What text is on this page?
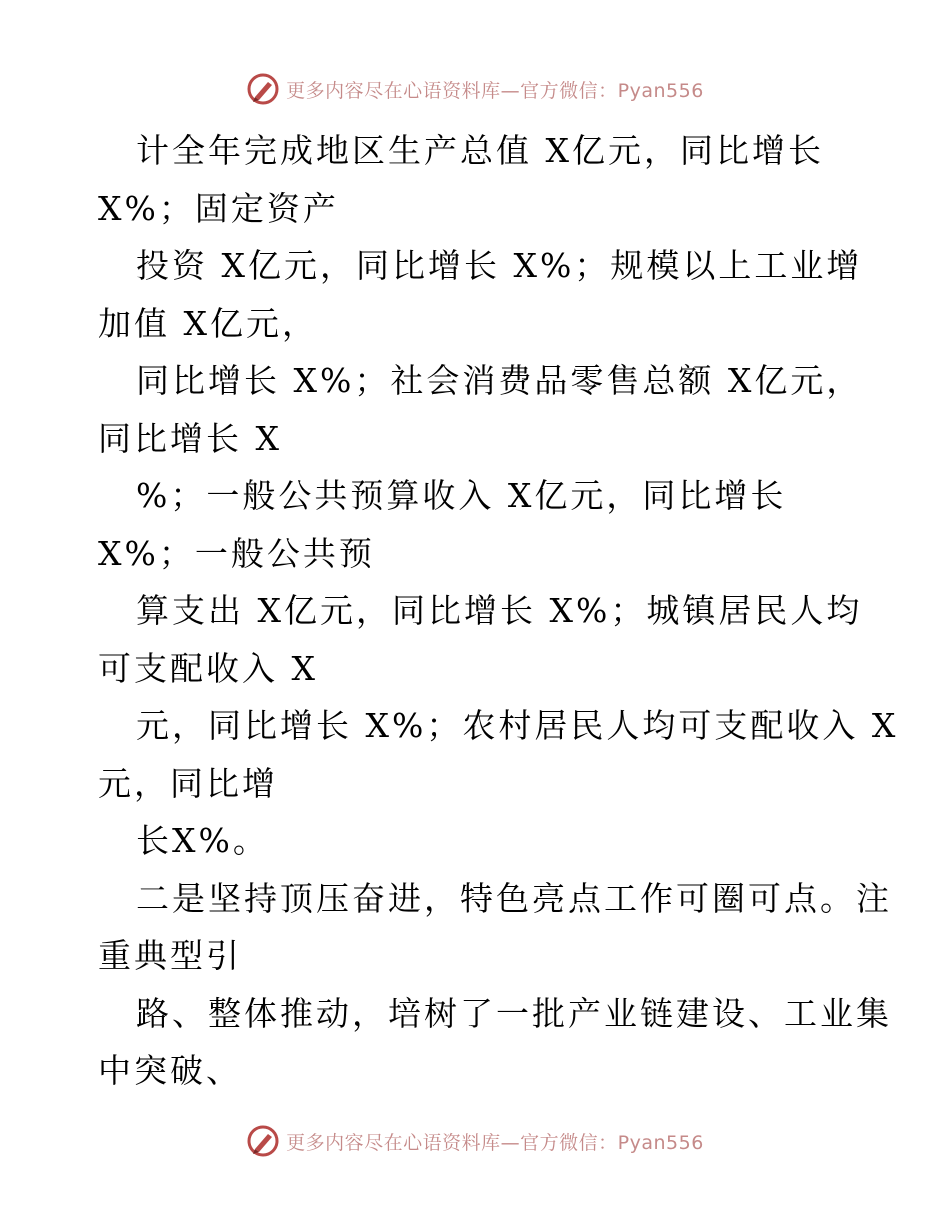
更多内容尽在心语资料库—官方微信：Pyan556
计全年完成地区生产总值 X亿元，同比增长
X%；固定资产
投资 X亿元，同比增长 X%；规模以上工业增
加值 X亿元，
同比增长 X%；社会消费品零售总额 X亿元，
同比增长 X
%；一般公共预算收入 X亿元，同比增长
X%；一般公共预
算支出 X亿元，同比增长 X%；城镇居民人均
可支配收入 X
元，同比增长 X%；农村居民人均可支配收入 X
元，同比增
长X%。
二是坚持顶压奋进，特色亮点工作可圈可点。注
重典型引
路、整体推动，培树了一批产业链建设、工业集
中突破、
更多内容尽在心语资料库—官方微信：Pyan556
